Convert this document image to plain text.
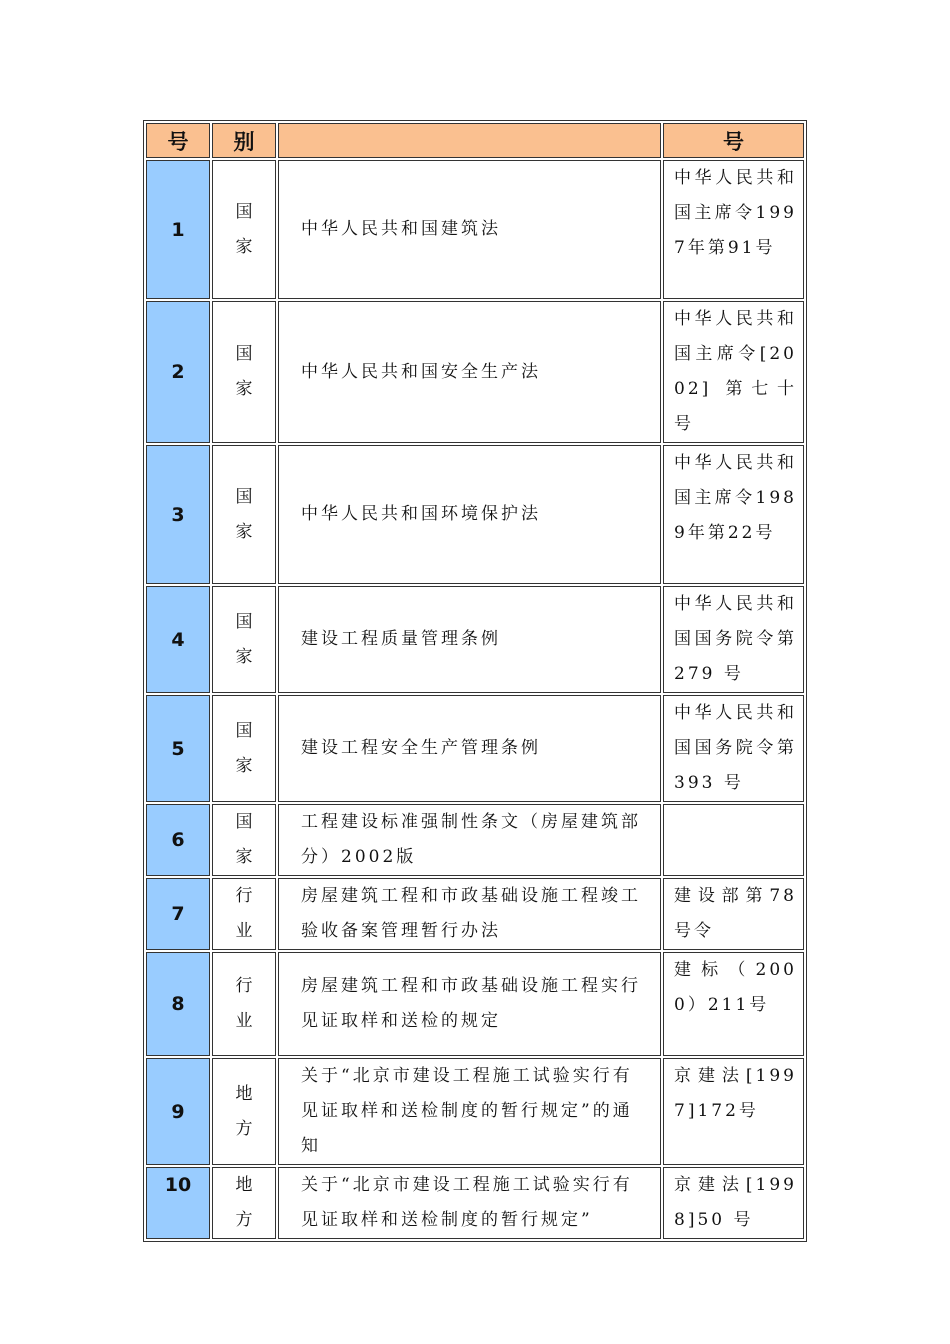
号	别		号
1	国家	中华人民共和国建筑法	中华人民共和国主席令1997年第91号
2	国家	中华人民共和国安全生产法	中华人民共和国主席令[2002] 第七十号
3	国家	中华人民共和国环境保护法	中华人民共和国主席令1989年第22号
4	国家	建设工程质量管理条例	中华人民共和国国务院令第279 号
5	国家	建设工程安全生产管理条例	中华人民共和国国务院令第393 号
6	国家	工程建设标准强制性条文（房屋建筑部分）2002版	
7	行业	房屋建筑工程和市政基础设施工程竣工验收备案管理暂行办法	建设部第78号令
8	行业	房屋建筑工程和市政基础设施工程实行见证取样和送检的规定	建标（2000）211号
9	地方	关于“北京市建设工程施工试验实行有见证取样和送检制度的暂行规定”的通知	京建法[1997]172号
10	地方	关于“北京市建设工程施工试验实行有见证取样和送检制度的暂行规定”	京建法[1998]50 号
